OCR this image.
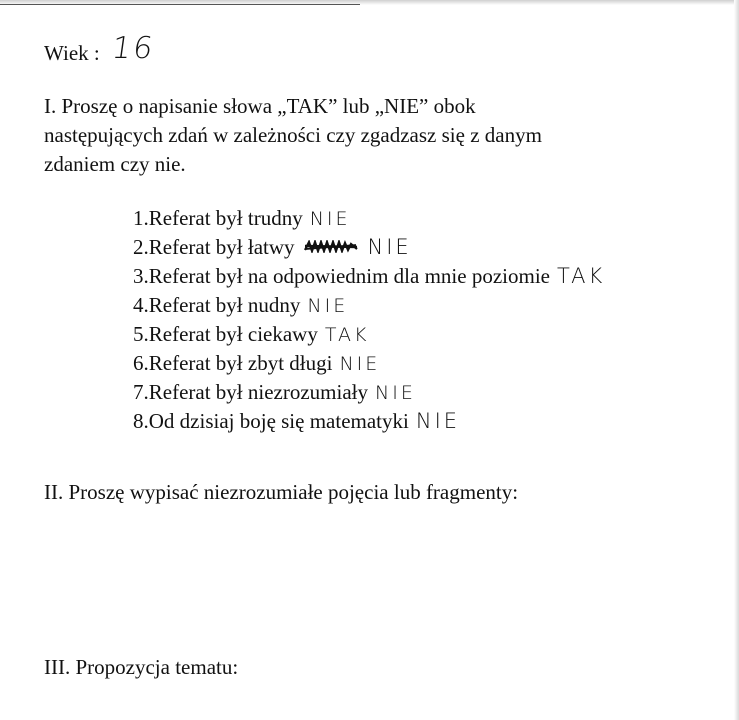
Wiek : 16
I. Proszę o napisanie słowa „TAK” lub „NIE” obok
następujących zdań w zależności czy zgadzasz się z danym
zdaniem czy nie.
1.Referat był trudny NIE
2.Referat był łatwy	NIE
3.Referat był na odpowiednim dla mnie poziomie TAK
4.Referat był nudny NIE
5.Referat był ciekawy TAK
6.Referat był zbyt długi NIE
7.Referat był niezrozumiały NIE
8.Od dzisiaj boję się matematyki NIE
II. Proszę wypisać niezrozumiałe pojęcia lub fragmenty:
III. Propozycja tematu:
